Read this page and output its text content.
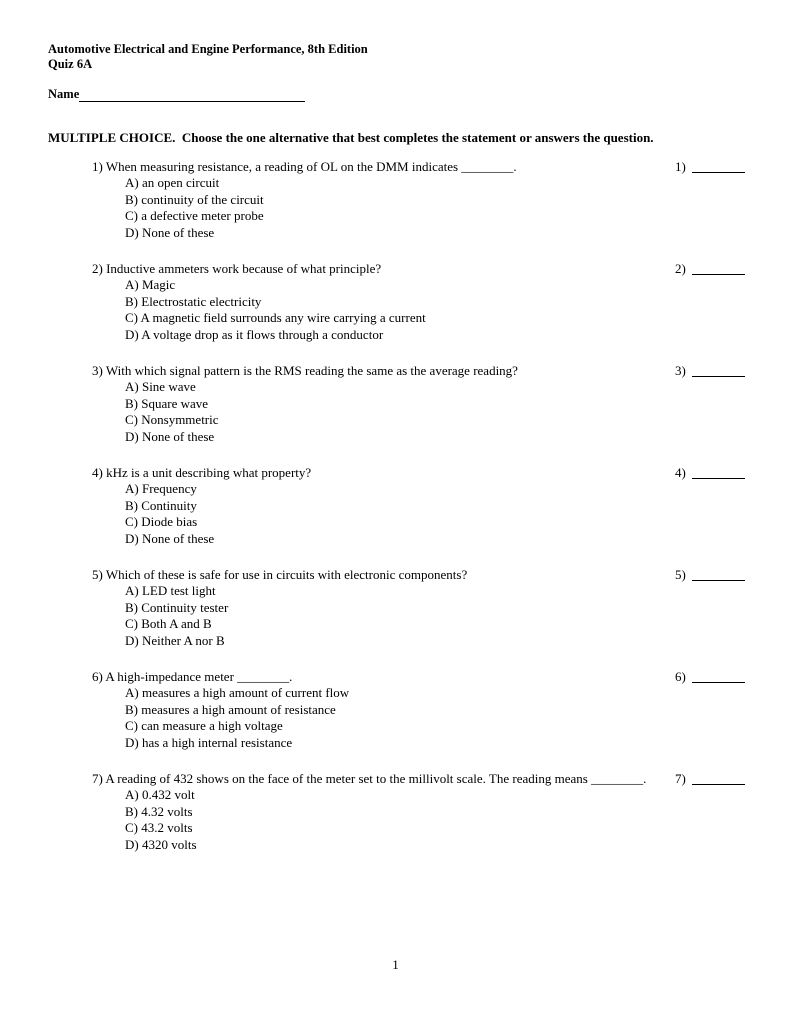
Automotive Electrical and Engine Performance, 8th Edition
Quiz 6A
Name
MULTIPLE CHOICE.  Choose the one alternative that best completes the statement or answers the question.
1) When measuring resistance, a reading of OL on the DMM indicates ________.
A) an open circuit
B) continuity of the circuit
C) a defective meter probe
D) None of these
1)
2) Inductive ammeters work because of what principle?
A) Magic
B) Electrostatic electricity
C) A magnetic field surrounds any wire carrying a current
D) A voltage drop as it flows through a conductor
2)
3) With which signal pattern is the RMS reading the same as the average reading?
A) Sine wave
B) Square wave
C) Nonsymmetric
D) None of these
3)
4) kHz is a unit describing what property?
A) Frequency
B) Continuity
C) Diode bias
D) None of these
4)
5) Which of these is safe for use in circuits with electronic components?
A) LED test light
B) Continuity tester
C) Both A and B
D) Neither A nor B
5)
6) A high-impedance meter ________.
A) measures a high amount of current flow
B) measures a high amount of resistance
C) can measure a high voltage
D) has a high internal resistance
6)
7) A reading of 432 shows on the face of the meter set to the millivolt scale. The reading means ________.
A) 0.432 volt
B) 4.32 volts
C) 43.2 volts
D) 4320 volts
7)
1
